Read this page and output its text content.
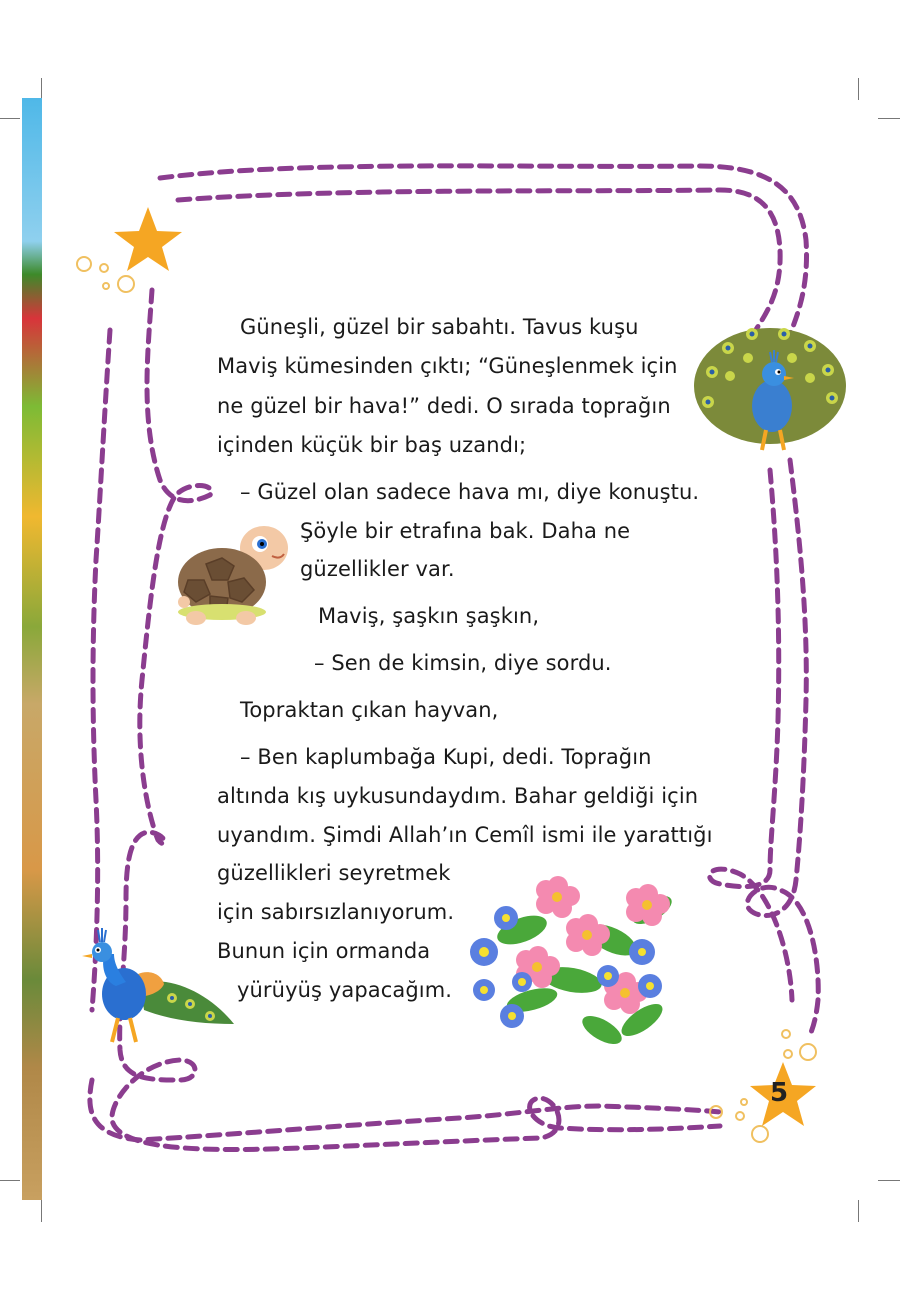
Güneşli, güzel bir sabahtı. Tavus kuşu
Maviş kümesinden çıktı; “Güneşlenmek için
ne güzel bir hava!” dedi. O sırada toprağın
içinden küçük bir baş uzandı;
– Güzel olan sadece hava mı, diye konuştu.
Şöyle bir etrafına bak. Daha ne
güzellikler var.
Maviş, şaşkın şaşkın,
– Sen de kimsin, diye sordu.
Topraktan çıkan hayvan,
– Ben kaplumbağa Kupi, dedi. Toprağın
altında kış uykusundaydım. Bahar geldiği için
uyandım. Şimdi Allah’ın Cemîl ismi ile yarattığı
güzellikleri seyretmek
için sabırsızlanıyorum.
Bunun için ormanda
yürüyüş yapacağım.
5
